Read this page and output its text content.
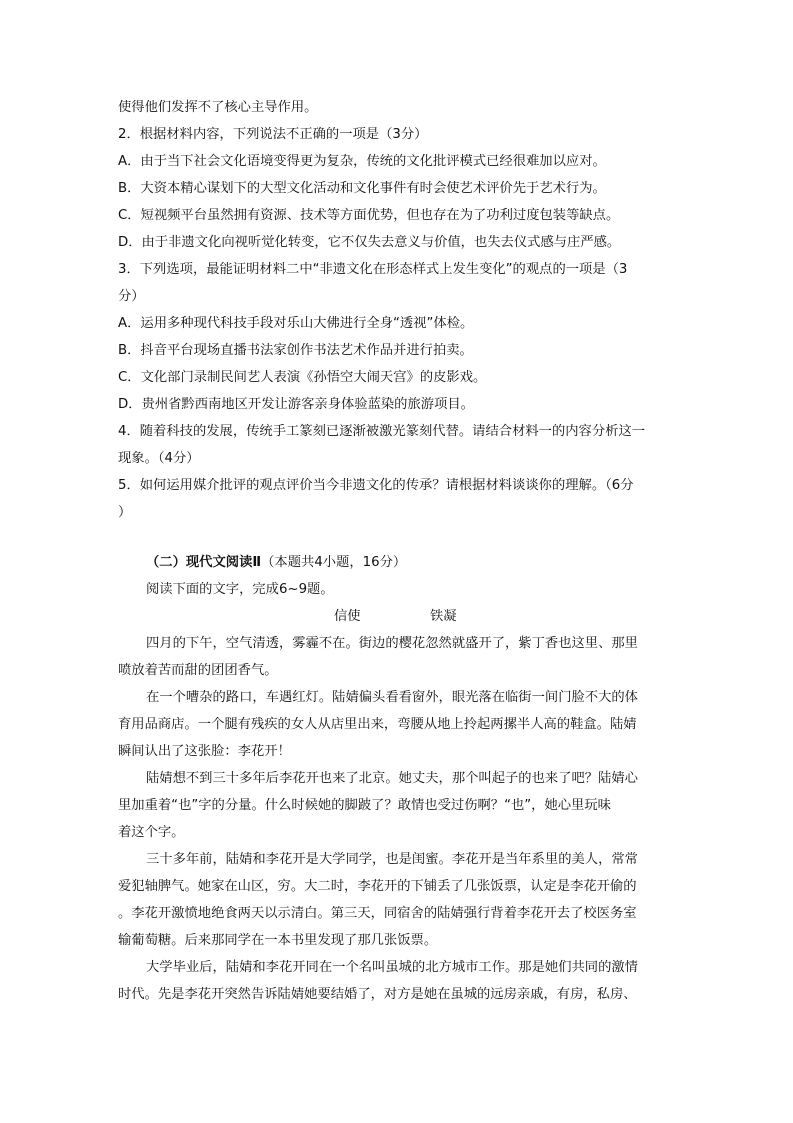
使得他们发挥不了核心主导作用。
2．根据材料内容，下列说法不正确的一项是（3分）
A．由于当下社会文化语境变得更为复杂，传统的文化批评模式已经很难加以应对。
B．大资本精心谋划下的大型文化活动和文化事件有时会使艺术评价先于艺术行为。
C．短视频平台虽然拥有资源、技术等方面优势，但也存在为了功利过度包装等缺点。
D．由于非遗文化向视听觉化转变，它不仅失去意义与价值，也失去仪式感与庄严感。
3．下列选项，最能证明材料二中“非遗文化在形态样式上发生变化”的观点的一项是（3
分）
A．运用多种现代科技手段对乐山大佛进行全身“透视”体检。
B．抖音平台现场直播书法家创作书法艺术作品并进行拍卖。
C．文化部门录制民间艺人表演《孙悟空大闹天宫》的皮影戏。
D．贵州省黔西南地区开发让游客亲身体验蓝染的旅游项目。
4．随着科技的发展，传统手工篆刻已逐渐被激光篆刻代替。请结合材料一的内容分析这一
现象。（4分）
5．如何运用媒介批评的观点评价当今非遗文化的传承？请根据材料谈谈你的理解。（6分
）
（二）现代文阅读Ⅱ（本题共4小题，16分）
阅读下面的文字，完成6~9题。
信使	铁凝
四月的下午，空气清透，雾霾不在。街边的樱花忽然就盛开了，紫丁香也这里、那里
喷放着苦而甜的团团香气。
在一个嘈杂的路口，车遇红灯。陆婧偏头看看窗外，眼光落在临街一间门脸不大的体
育用品商店。一个腿有残疾的女人从店里出来，弯腰从地上拎起两摞半人高的鞋盒。陆婧
瞬间认出了这张脸：李花开！
陆婧想不到三十多年后李花开也来了北京。她丈夫，那个叫起子的也来了吧？陆婧心
里加重着“也”字的分量。什么时候她的脚跛了？敢情也受过伤啊？“也”，她心里玩味
着这个字。
三十多年前，陆婧和李花开是大学同学，也是闺蜜。李花开是当年系里的美人，常常
爱犯轴脾气。她家在山区，穷。大二时，李花开的下铺丢了几张饭票，认定是李花开偷的
。李花开激愤地绝食两天以示清白。第三天，同宿舍的陆婧强行背着李花开去了校医务室
输葡萄糖。后来那同学在一本书里发现了那几张饭票。
大学毕业后，陆婧和李花开同在一个名叫虽城的北方城市工作。那是她们共同的激情
时代。先是李花开突然告诉陆婧她要结婚了，对方是她在虽城的远房亲戚，有房，私房、
